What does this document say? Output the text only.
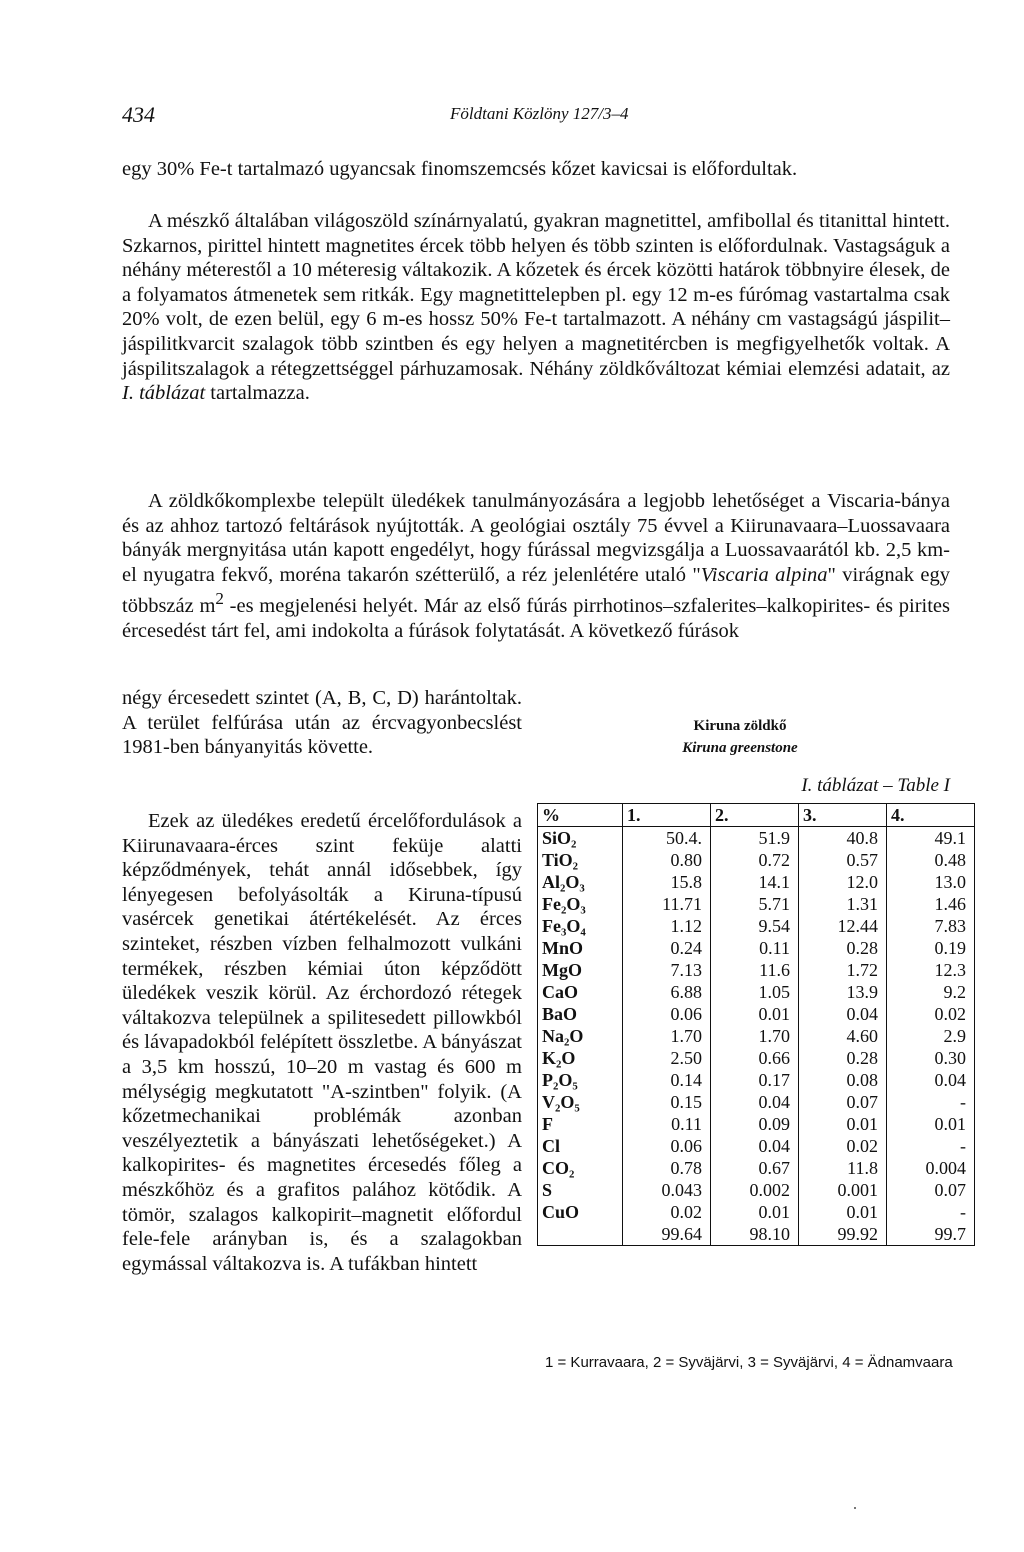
434	Földtani Közlöny 127/3–4

egy 30% Fe-t tartalmazó ugyancsak finomszemcsés kőzet kavicsai is előfordultak.

A mészkő általában világoszöld színárnyalatú, gyakran magnetittel, amfibollal és titanittal hintett. Szkarnos, pirittel hintett magnetites ércek több helyen és több szinten is előfordulnak. Vastagságuk a néhány méterestől a 10 méteresig váltakozik. A kőzetek és ércek közötti határok többnyire élesek, de a folyamatos átmenetek sem ritkák. Egy magnetittelepben pl. egy 12 m-es fúrómag vastartalma csak 20% volt, de ezen belül, egy 6 m-es hossz 50% Fe-t tartalmazott. A néhány cm vastagságú jáspilit–jáspilitkvarcit szalagok több szintben és egy helyen a magnetitércben is megfigyelhetők voltak. A jáspilitszalagok a rétegzettséggel párhuzamosak. Néhány zöldkőváltozat kémiai elemzési adatait, az I. táblázat tartalmazza.

A zöldkőkomplexbe települt üledékek tanulmányozására a legjobb lehetőséget a Viscaria-bánya és az ahhoz tartozó feltárások nyújtották. A geológiai osztály 75 évvel a Kiirunavaara–Luossavaara bányák mergnyitása után kapott engedélyt, hogy fúrással megvizsgálja a Luossavaarától kb. 2,5 km-el nyugatra fekvő, moréna takarón szétterülő, a réz jelenlétére utaló "Viscaria alpina" virágnak egy többszáz $m^2$ -es megjelenési helyét. Már az első fúrás pirrhotinos–szfalerites–kalkopirites- és pirites ércesedést tárt fel, ami indokolta a fúrások folytatását. A következő fúrások

négy ércesedett szintet (A, B, C, D) harántoltak. A terület felfúrása után az ércvagyonbecslést 1981-ben bányanyitás követte.

Ezek az üledékes eredetű ércelőfordulások a Kiirunavaara-érces szint feküje alatti képződmények, tehát annál idősebbek, így lényegesen befolyásolták a Kiruna-típusú vasércek genetikai átértékelését. Az érces szinteket, részben vízben felhalmozott vulkáni termékek, részben kémiai úton képződött üledékek veszik körül. Az érchordozó rétegek váltakozva települnek a spilitesedett pillowkból és lávapadokból felépített összletbe. A bányászat a 3,5 km hosszú, 10–20 m vastag és 600 m mélységig megkutatott "A-szintben" folyik. (A kőzetmechanikai problémák azonban veszélyeztetik a bányászati lehetőségeket.) A kalkopirites- és magnetites ércesedés főleg a mészkőhöz és a grafitos palához kötődik. A tömör, szalagos kalkopirit–magnetit előfordul fele-fele arányban is, és a szalagokban egymással váltakozva is. A tufákban hintett

Kiruna zöldkő
Kiruna greenstone
I. táblázat – Table I
%	1.	2.	3.	4.
SiO₂	50.4.	51.9	40.8	49.1
TiO₂	0.80	0.72	0.57	0.48
Al₂O₃	15.8	14.1	12.0	13.0
Fe₂O₃	11.71	5.71	1.31	1.46
Fe₃O₄	1.12	9.54	12.44	7.83
MnO	0.24	0.11	0.28	0.19
MgO	7.13	11.6	1.72	12.3
CaO	6.88	1.05	13.9	9.2
BaO	0.06	0.01	0.04	0.02
Na₂O	1.70	1.70	4.60	2.9
K₂O	2.50	0.66	0.28	0.30
P₂O₅	0.14	0.17	0.08	0.04
V₂O₅	0.15	0.04	0.07	-
F	0.11	0.09	0.01	0.01
Cl	0.06	0.04	0.02	-
CO₂	0.78	0.67	11.8	0.004
S	0.043	0.002	0.001	0.07
CuO	0.02	0.01	0.01	-
	99.64	98.10	99.92	99.7
1 = Kurravaara, 2 = Syväjärvi, 3 = Syväjärvi, 4 = Ädnamvaara
